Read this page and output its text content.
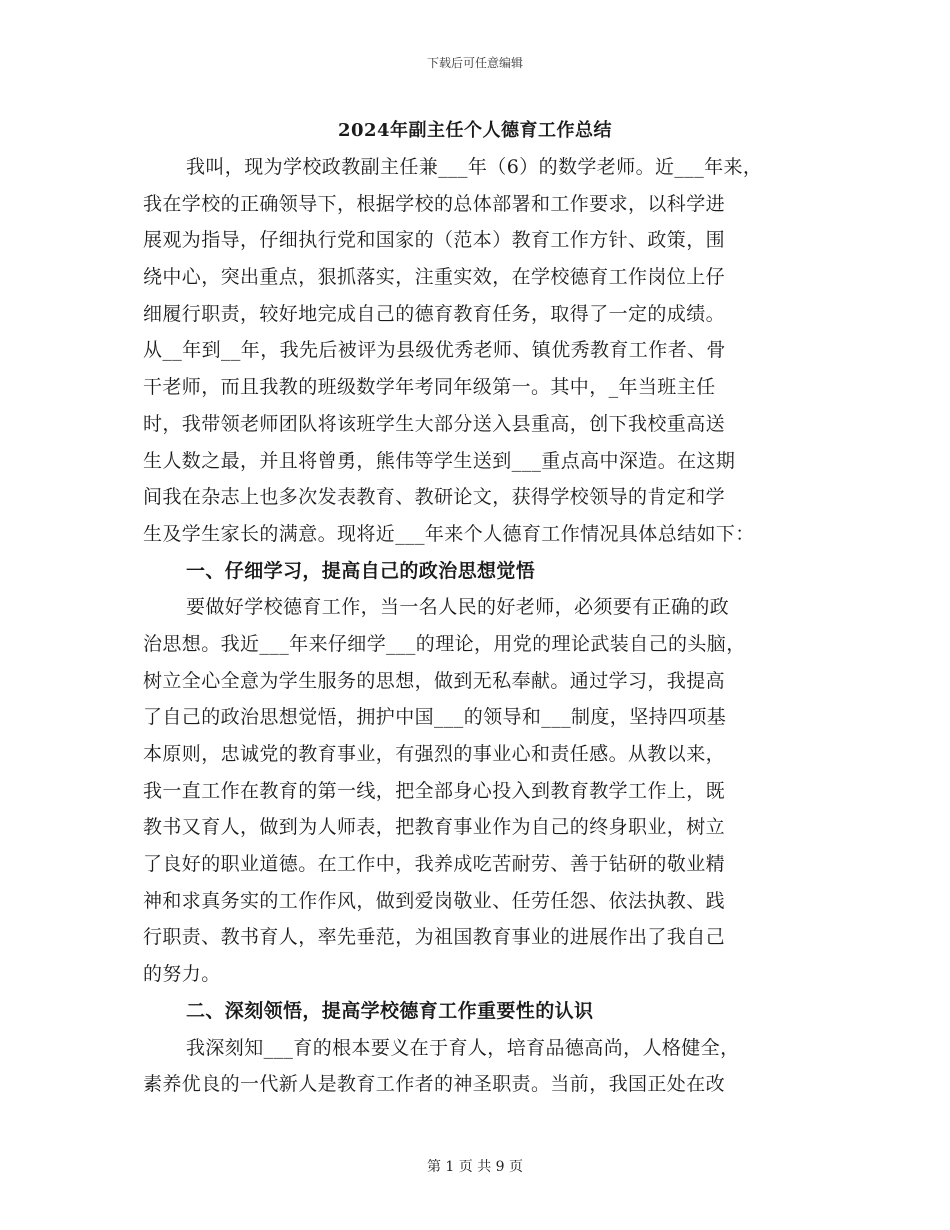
下载后可任意编辑
2024年副主任个人德育工作总结
我叫，现为学校政教副主任兼___年（6）的数学老师。近___年来，
我在学校的正确领导下，根据学校的总体部署和工作要求，以科学进
展观为指导，仔细执行党和国家的（范本）教育工作方针、政策，围
绕中心，突出重点，狠抓落实，注重实效，在学校德育工作岗位上仔
细履行职责，较好地完成自己的德育教育任务，取得了一定的成绩。
从__年到__年，我先后被评为县级优秀老师、镇优秀教育工作者、骨
干老师，而且我教的班级数学年考同年级第一。其中，_年当班主任
时，我带领老师团队将该班学生大部分送入县重高，创下我校重高送
生人数之最，并且将曾勇，熊伟等学生送到___重点高中深造。在这期
间我在杂志上也多次发表教育、教研论文，获得学校领导的肯定和学
生及学生家长的满意。现将近___年来个人德育工作情况具体总结如下：
一、仔细学习，提高自己的政治思想觉悟
要做好学校德育工作，当一名人民的好老师，必须要有正确的政
治思想。我近___年来仔细学___的理论，用党的理论武装自己的头脑，
树立全心全意为学生服务的思想，做到无私奉献。通过学习，我提高
了自己的政治思想觉悟，拥护中国___的领导和___制度，坚持四项基
本原则，忠诚党的教育事业，有强烈的事业心和责任感。从教以来，
我一直工作在教育的第一线，把全部身心投入到教育教学工作上，既
教书又育人，做到为人师表，把教育事业作为自己的终身职业，树立
了良好的职业道德。在工作中，我养成吃苦耐劳、善于钻研的敬业精
神和求真务实的工作作风，做到爱岗敬业、任劳任怨、依法执教、践
行职责、教书育人，率先垂范，为祖国教育事业的进展作出了我自己
的努力。
二、深刻领悟，提高学校德育工作重要性的认识
我深刻知___育的根本要义在于育人，培育品德高尚，人格健全，
素养优良的一代新人是教育工作者的神圣职责。当前，我国正处在改
第 1 页 共 9 页
